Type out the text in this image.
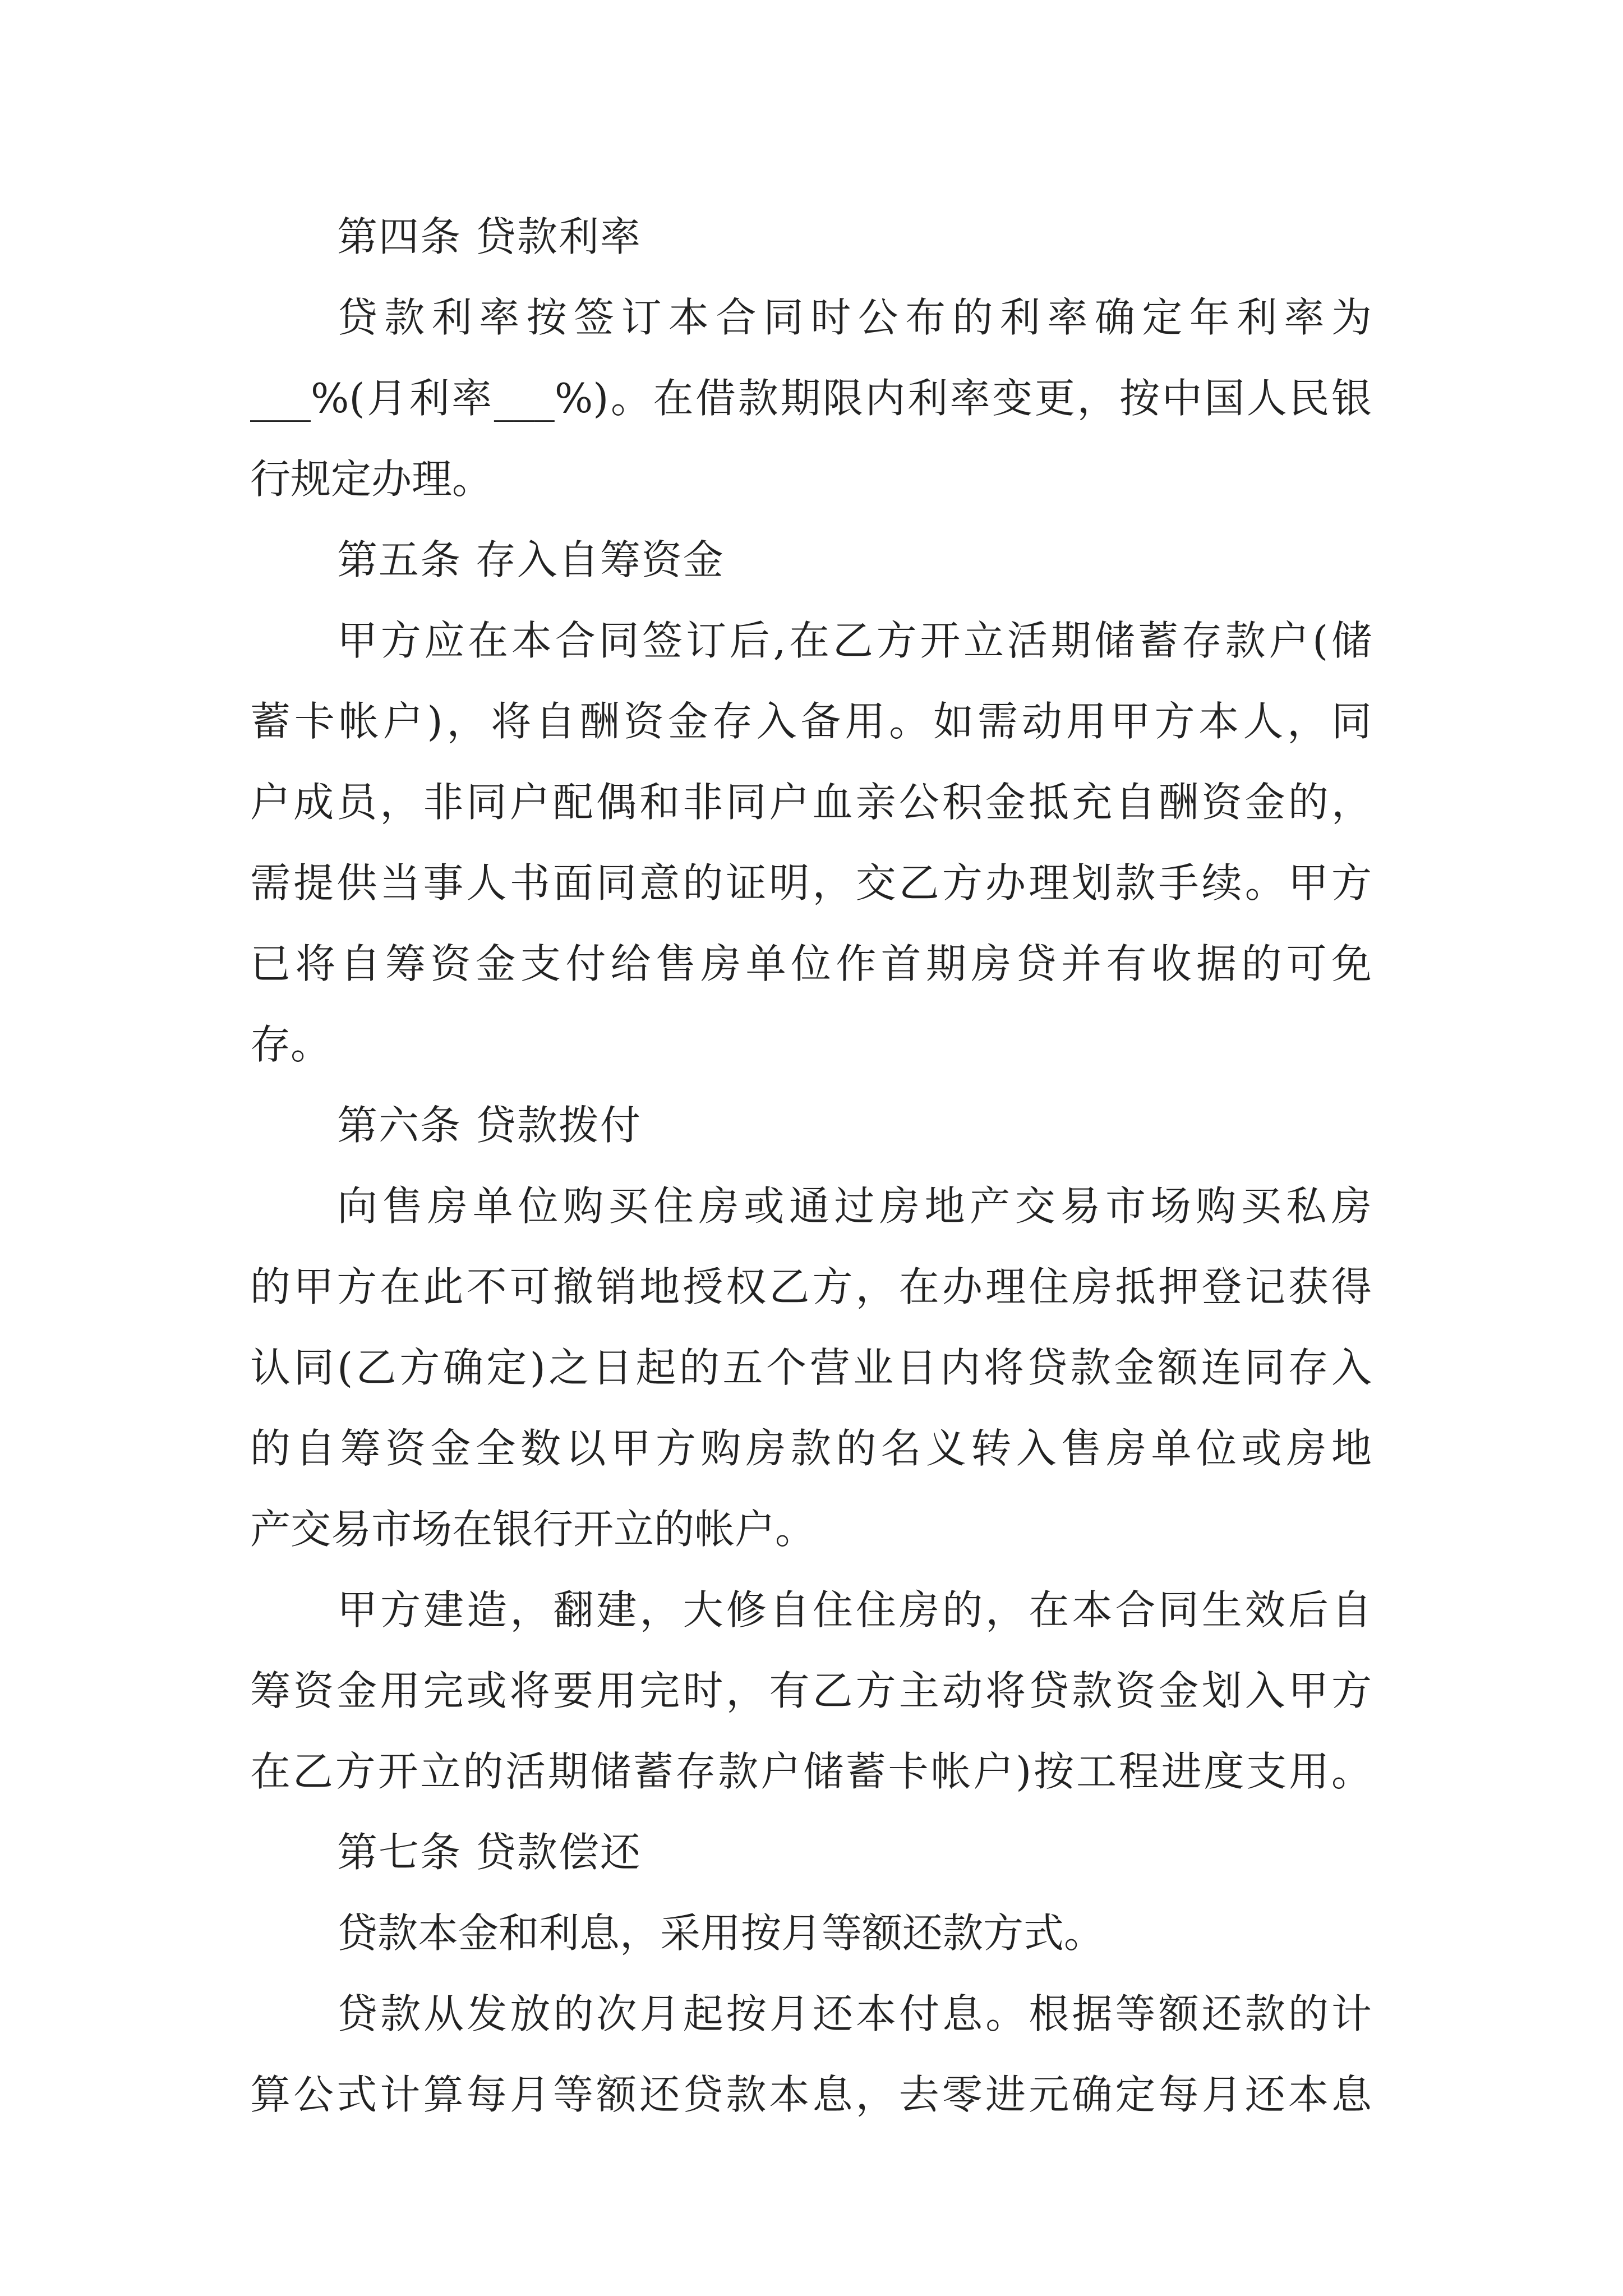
第四条 贷款利率
贷款利率按签订本合同时公布的利率确定年利率为
___%(月利率___%)。在借款期限内利率变更，按中国人民银
行规定办理。
第五条 存入自筹资金
甲方应在本合同签订后,在乙方开立活期储蓄存款户(储
蓄卡帐户)，将自酬资金存入备用。如需动用甲方本人，同
户成员，非同户配偶和非同户血亲公积金抵充自酬资金的，
需提供当事人书面同意的证明，交乙方办理划款手续。甲方
已将自筹资金支付给售房单位作首期房贷并有收据的可免
存。
第六条 贷款拨付
向售房单位购买住房或通过房地产交易市场购买私房
的甲方在此不可撤销地授权乙方，在办理住房抵押登记获得
认同(乙方确定)之日起的五个营业日内将贷款金额连同存入
的自筹资金全数以甲方购房款的名义转入售房单位或房地
产交易市场在银行开立的帐户。
甲方建造，翻建，大修自住住房的，在本合同生效后自
筹资金用完或将要用完时，有乙方主动将贷款资金划入甲方
在乙方开立的活期储蓄存款户储蓄卡帐户)按工程进度支用。
第七条 贷款偿还
贷款本金和利息，采用按月等额还款方式。
贷款从发放的次月起按月还本付息。根据等额还款的计
算公式计算每月等额还贷款本息，去零进元确定每月还本息
